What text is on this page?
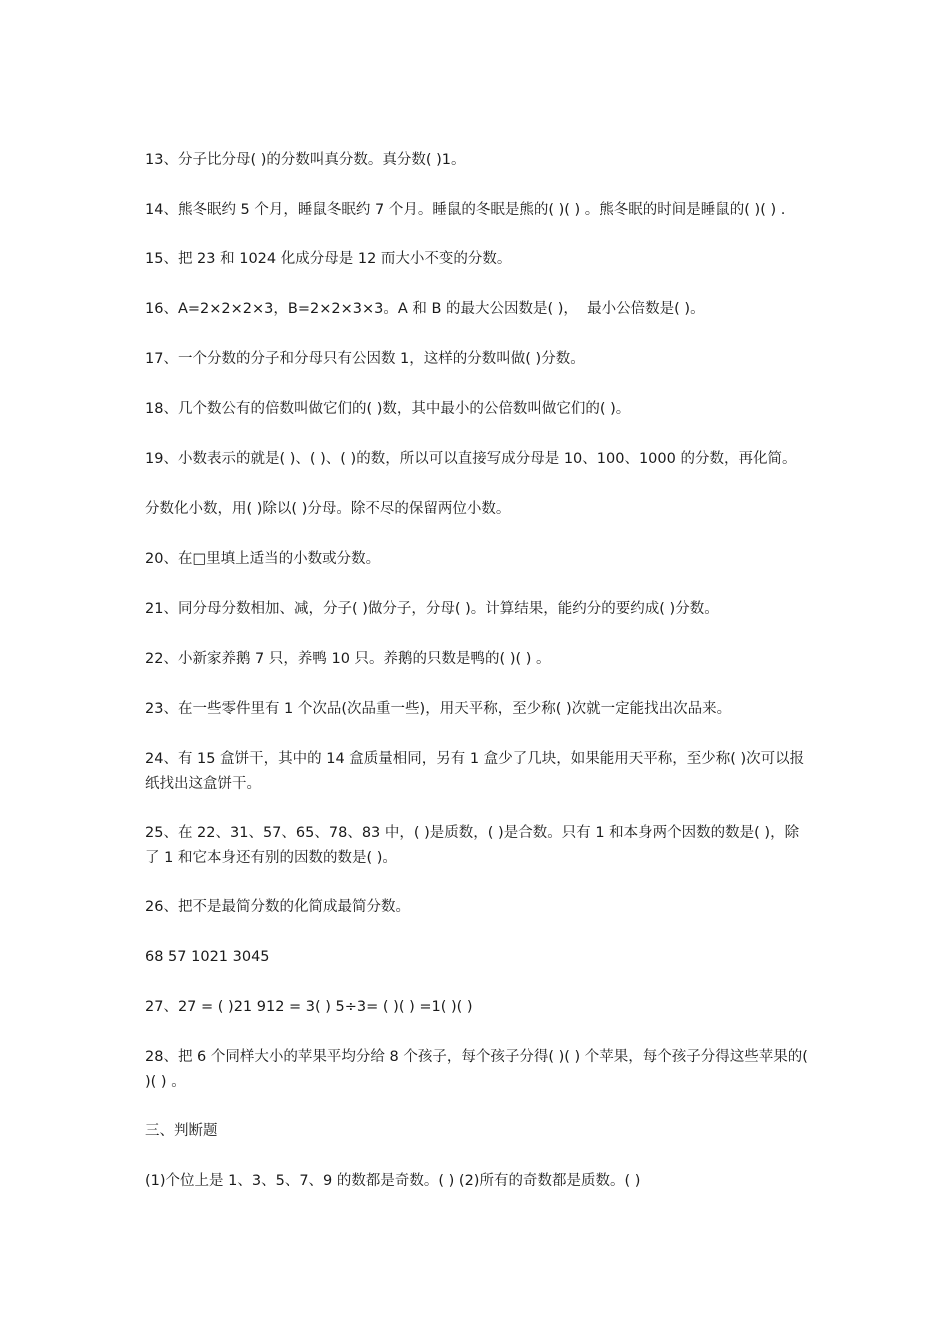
13、分子比分母( )的分数叫真分数。真分数( )1。

14、熊冬眠约 5 个月，睡鼠冬眠约 7 个月。睡鼠的冬眠是熊的( )( ) 。熊冬眠的时间是睡鼠的( )( ) .

15、把 23 和 1024 化成分母是 12 而大小不变的分数。

16、A=2×2×2×3，B=2×2×3×3。A 和 B 的最大公因数是( )，  最小公倍数是( )。

17、一个分数的分子和分母只有公因数 1，这样的分数叫做( )分数。

18、几个数公有的倍数叫做它们的( )数，其中最小的公倍数叫做它们的( )。

19、小数表示的就是( )、( )、( )的数，所以可以直接写成分母是 10、100、1000 的分数，再化简。

分数化小数，用( )除以( )分母。除不尽的保留两位小数。

20、在□里填上适当的小数或分数。

21、同分母分数相加、减，分子( )做分子，分母( )。计算结果，能约分的要约成( )分数。

22、小新家养鹅 7 只，养鸭 10 只。养鹅的只数是鸭的( )( ) 。

23、在一些零件里有 1 个次品(次品重一些)，用天平称，至少称( )次就一定能找出次品来。

24、有 15 盒饼干，其中的 14 盒质量相同，另有 1 盒少了几块，如果能用天平称，至少称( )次可以报纸找出这盒饼干。

25、在 22、31、57、65、78、83 中，( )是质数，( )是合数。只有 1 和本身两个因数的数是( )，除了 1 和它本身还有别的因数的数是( )。

26、把不是最简分数的化简成最简分数。

68 57 1021 3045

27、27 = ( )21 912 = 3( ) 5÷3= ( )( ) =1( )( )

28、把 6 个同样大小的苹果平均分给 8 个孩子，每个孩子分得( )( ) 个苹果，每个孩子分得这些苹果的( )( ) 。

三、判断题

(1)个位上是 1、3、5、7、9 的数都是奇数。( ) (2)所有的奇数都是质数。( )
